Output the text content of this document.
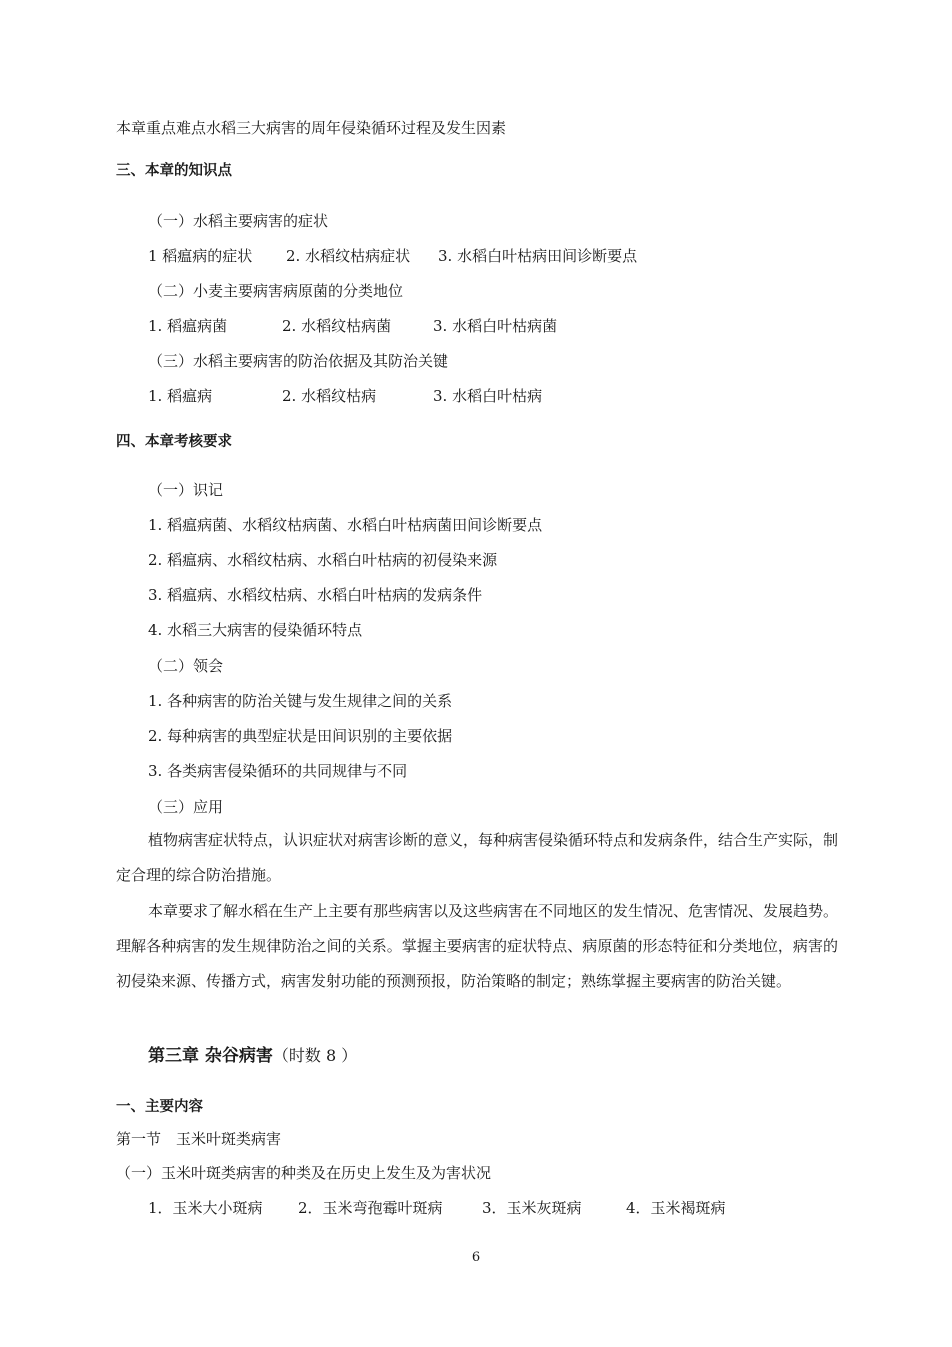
本章重点难点水稻三大病害的周年侵染循环过程及发生因素
三、本章的知识点
（一）水稻主要病害的症状
1 稻瘟病的症状 2. 水稻纹枯病症状 3. 水稻白叶枯病田间诊断要点
（二）小麦主要病害病原菌的分类地位
1. 稻瘟病菌	2. 水稻纹枯病菌	3. 水稻白叶枯病菌
（三）水稻主要病害的防治依据及其防治关键
1. 稻瘟病	2. 水稻纹枯病	3. 水稻白叶枯病
四、本章考核要求
（一）识记
1. 稻瘟病菌、水稻纹枯病菌、水稻白叶枯病菌田间诊断要点
2. 稻瘟病、水稻纹枯病、水稻白叶枯病的初侵染来源
3. 稻瘟病、水稻纹枯病、水稻白叶枯病的发病条件
4. 水稻三大病害的侵染循环特点
（二）领会
1. 各种病害的防治关键与发生规律之间的关系
2. 每种病害的典型症状是田间识别的主要依据
3. 各类病害侵染循环的共同规律与不同
（三）应用

植物病害症状特点，认识症状对病害诊断的意义，每种病害侵染循环特点和发病条件，结合生产实际，制定合理的综合防治措施。

本章要求了解水稻在生产上主要有那些病害以及这些病害在不同地区的发生情况、危害情况、发展趋势。理解各种病害的发生规律防治之间的关系。掌握主要病害的症状特点、病原菌的形态特征和分类地位，病害的初侵染来源、传播方式，病害发射功能的预测预报，防治策略的制定；熟练掌握主要病害的防治关键。

第三章 杂谷病害（时数 8 ）
一、主要内容
第一节　玉米叶斑类病害
（一）玉米叶斑类病害的种类及在历史上发生及为害状况
1．玉米大小斑病 2．玉米弯孢霉叶斑病	3．玉米灰斑病	4．玉米褐斑病
6
